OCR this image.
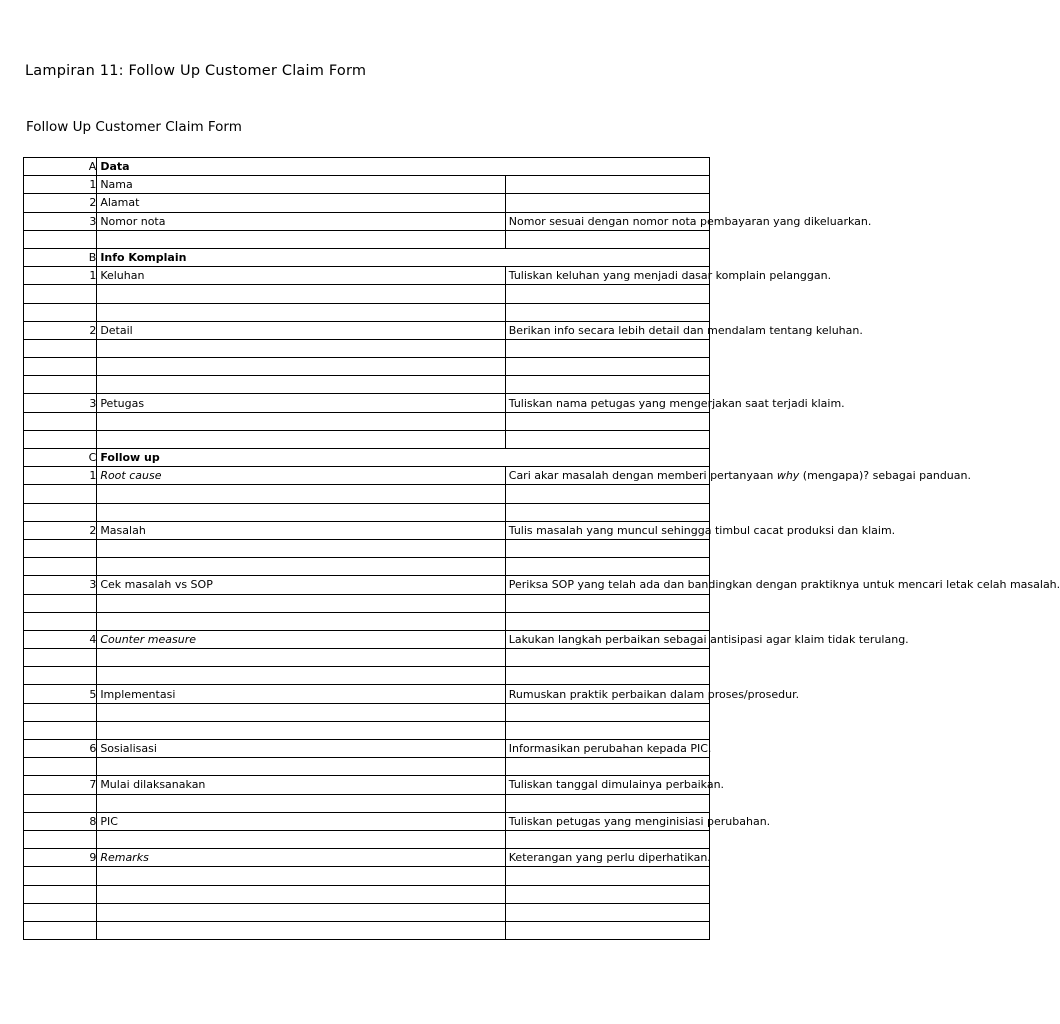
Lampiran 11: Follow Up Customer Claim Form
Follow Up Customer Claim Form
A	Data	
1	Nama	
2	Alamat	
3	Nomor nota	Nomor sesuai dengan nomor nota pembayaran yang dikeluarkan.

B	Info Komplain	
1	Keluhan	Tuliskan keluhan yang menjadi dasar komplain pelanggan.

2	Detail	Berikan info secara lebih detail dan mendalam tentang keluhan.

3	Petugas	Tuliskan nama petugas yang mengerjakan saat terjadi klaim.

C	Follow up	
1	Root cause	Cari akar masalah dengan memberi pertanyaan why (mengapa)? sebagai panduan.

2	Masalah	Tulis masalah yang muncul sehingga timbul cacat produksi dan klaim.

3	Cek masalah vs SOP	Periksa SOP yang telah ada dan bandingkan dengan praktiknya untuk mencari letak celah masalah.

4	Counter measure	Lakukan langkah perbaikan sebagai antisipasi agar klaim tidak terulang.

5	Implementasi	Rumuskan praktik perbaikan dalam proses/prosedur.

6	Sosialisasi	Informasikan perubahan kepada PIC.

7	Mulai dilaksanakan	Tuliskan tanggal dimulainya perbaikan.

8	PIC	Tuliskan petugas yang menginisiasi perubahan.

9	Remarks	Keterangan yang perlu diperhatikan.
